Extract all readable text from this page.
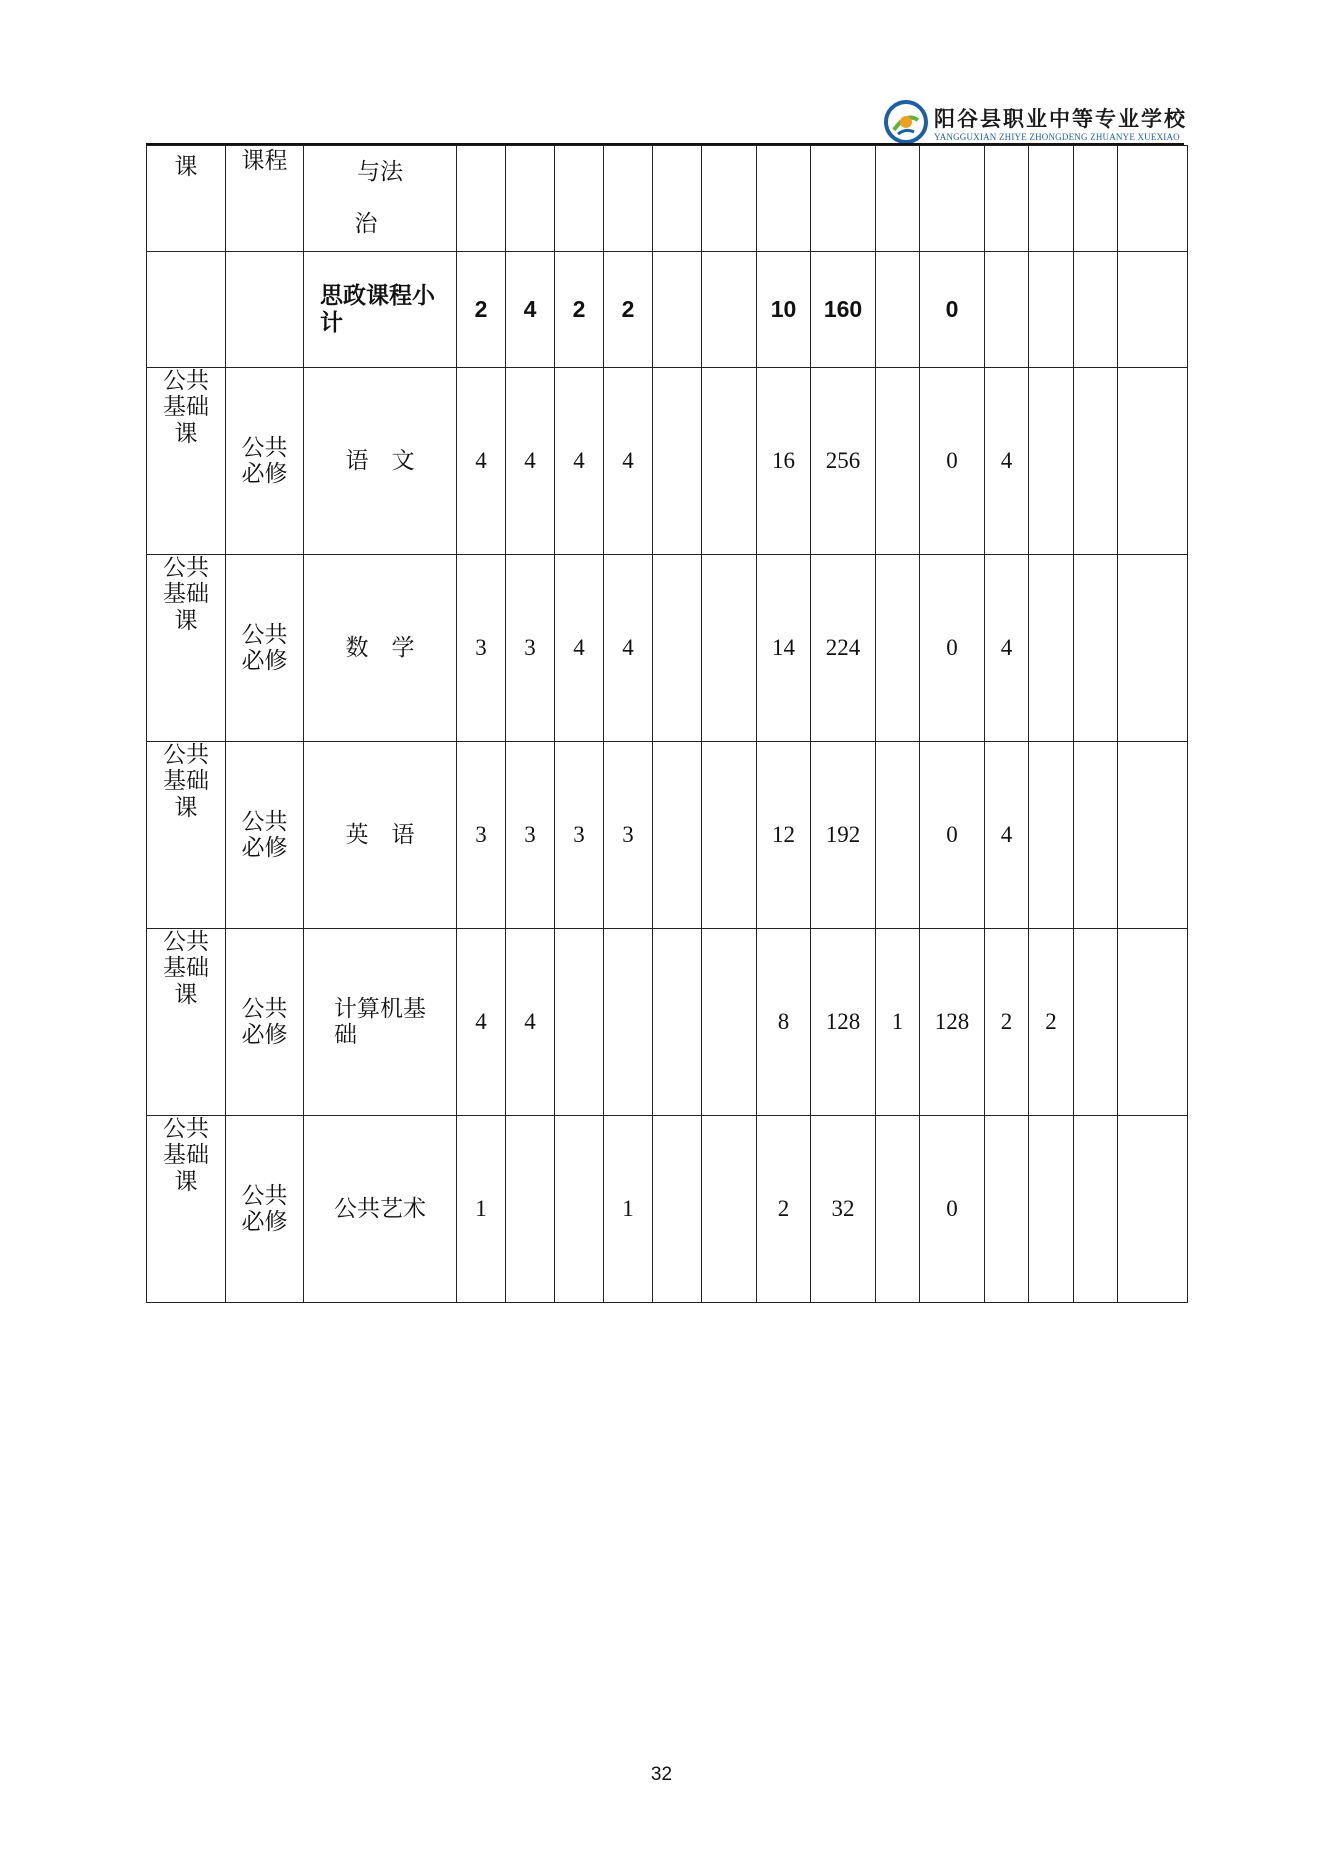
阳谷县职业中等专业学校
YANGGUXIAN ZHIYE ZHONGDENG ZHUANYE XUEXIAO
课	课程	与法
治														
		思政课程小
计	2	4	2	2			10	160		0				
公共
基础
课	公共
必修	语　文	4	4	4	4			16	256		0	4			
公共
基础
课	公共
必修	数　学	3	3	4	4			14	224		0	4			
公共
基础
课	公共
必修	英　语	3	3	3	3			12	192		0	4			
公共
基础
课	公共
必修	计算机基
础	4	4					8	128	1	128	2	2		
公共
基础
课	公共
必修	公共艺术	1			1			2	32		0				
32
